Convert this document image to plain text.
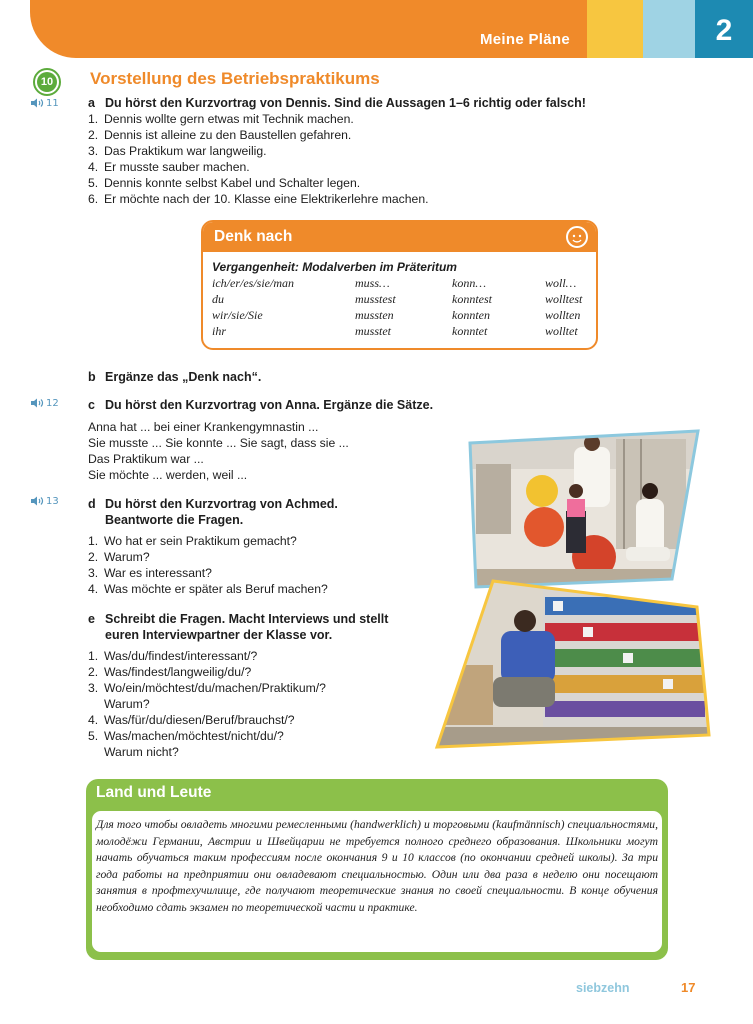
Meine Pläne	2
10 Vorstellung des Betriebspraktikums
11
12
13
a Du hörst den Kurzvortrag von Dennis. Sind die Aussagen 1–6 richtig oder falsch!
1. Dennis wollte gern etwas mit Technik machen.
2. Dennis ist alleine zu den Baustellen gefahren.
3. Das Praktikum war langweilig.
4. Er musste sauber machen.
5. Dennis konnte selbst Kabel und Schalter legen.
6. Er möchte nach der 10. Klasse eine Elektrikerlehre machen.
Denk nach
Vergangenheit: Modalverben im Präteritum
ich/er/es/sie/man	muss…	konn…	woll…
du	musstest	konntest	wolltest
wir/sie/Sie	mussten	konnten	wollten
ihr	musstet	konntet	wolltet
b Ergänze das „Denk nach“.
c Du hörst den Kurzvortrag von Anna. Ergänze die Sätze.
Anna hat ... bei einer Krankengymnastin ...
Sie musste ... Sie konnte ... Sie sagt, dass sie ...
Das Praktikum war ...
Sie möchte ... werden, weil ...
d Du hörst den Kurzvortrag von Achmed.
Beantworte die Fragen.
1. Wo hat er sein Praktikum gemacht?
2. Warum?
3. War es interessant?
4. Was möchte er später als Beruf machen?
e Schreibt die Fragen. Macht Interviews und stellt
euren Interviewpartner der Klasse vor.
1. Was/du/findest/interessant/?
2. Was/findest/langweilig/du/?
3. Wo/ein/möchtest/du/machen/Praktikum/?
Warum?
4. Was/für/du/diesen/Beruf/brauchst/?
5. Was/machen/möchtest/nicht/du/?
Warum nicht?
Land und Leute
Для того чтобы овладеть многими ремесленными (handwerklich) и торговыми (kaufmännisch) специальностями, молодёжи Германии, Австрии и Швейцарии не требуется полного среднего образования. Школьники могут начать обучаться таким профессиям после окончания 9 и 10 классов (по окончании средней школы). За три года работы на предприятии они овладевают специальностью. Один или два раза в неделю они посещают занятия в профтехучилище, где получают теоретические знания по своей специальности. В конце обучения необходимо сдать экзамен по теоретической части и практике.
siebzehn	17
